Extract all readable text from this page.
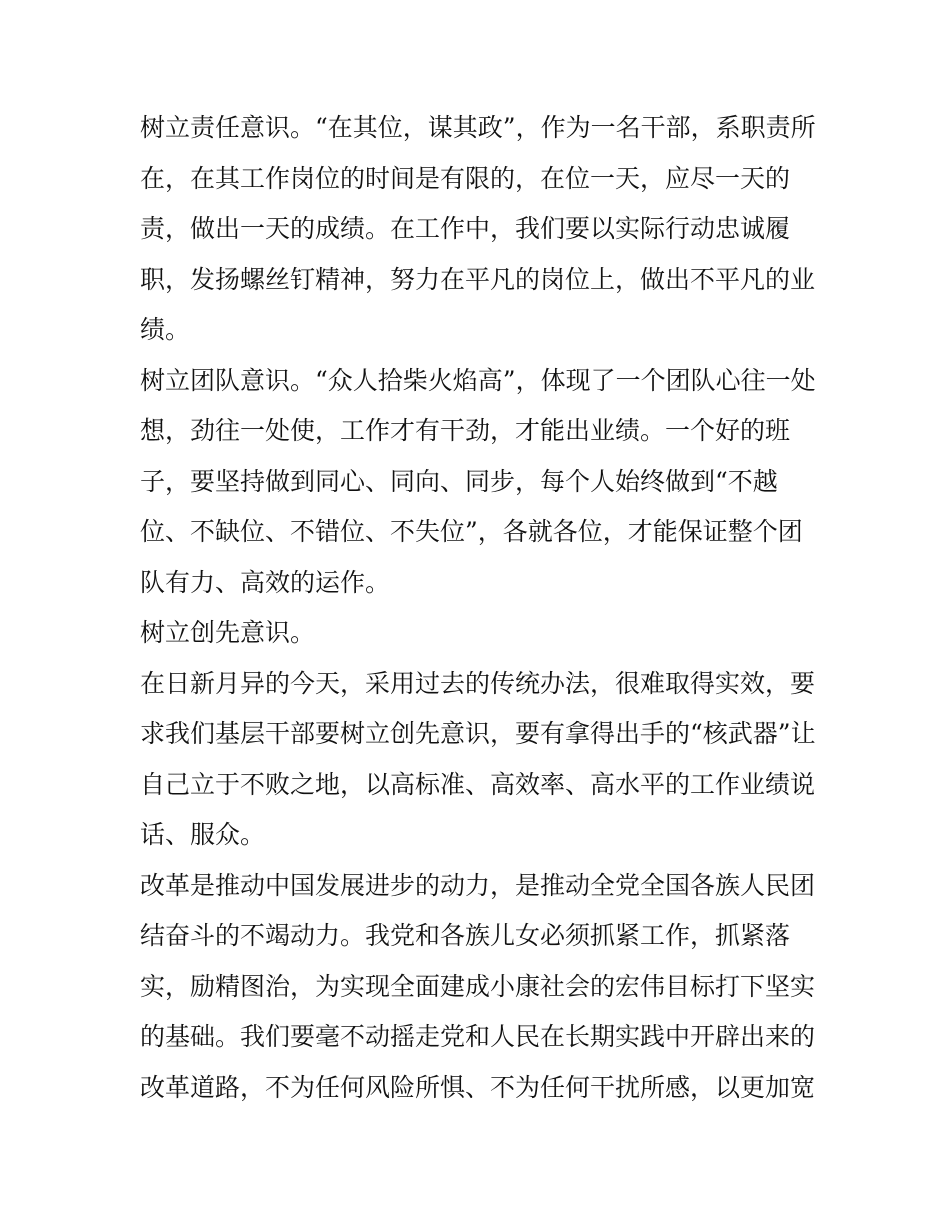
树立责任意识。“在其位，谋其政”，作为一名干部，系职责所
在，在其工作岗位的时间是有限的，在位一天，应尽一天的
责，做出一天的成绩。在工作中，我们要以实际行动忠诚履
职，发扬螺丝钉精神，努力在平凡的岗位上，做出不平凡的业
绩。
树立团队意识。“众人拾柴火焰高”，体现了一个团队心往一处
想，劲往一处使，工作才有干劲，才能出业绩。一个好的班
子，要坚持做到同心、同向、同步，每个人始终做到“不越
位、不缺位、不错位、不失位”，各就各位，才能保证整个团
队有力、高效的运作。
树立创先意识。
在日新月异的今天，采用过去的传统办法，很难取得实效，要
求我们基层干部要树立创先意识，要有拿得出手的“核武器”让
自己立于不败之地，以高标准、高效率、高水平的工作业绩说
话、服众。
改革是推动中国发展进步的动力，是推动全党全国各族人民团
结奋斗的不竭动力。我党和各族儿女必须抓紧工作，抓紧落
实，励精图治，为实现全面建成小康社会的宏伟目标打下坚实
的基础。我们要毫不动摇走党和人民在长期实践中开辟出来的
改革道路，不为任何风险所惧、不为任何干扰所感，以更加宽
